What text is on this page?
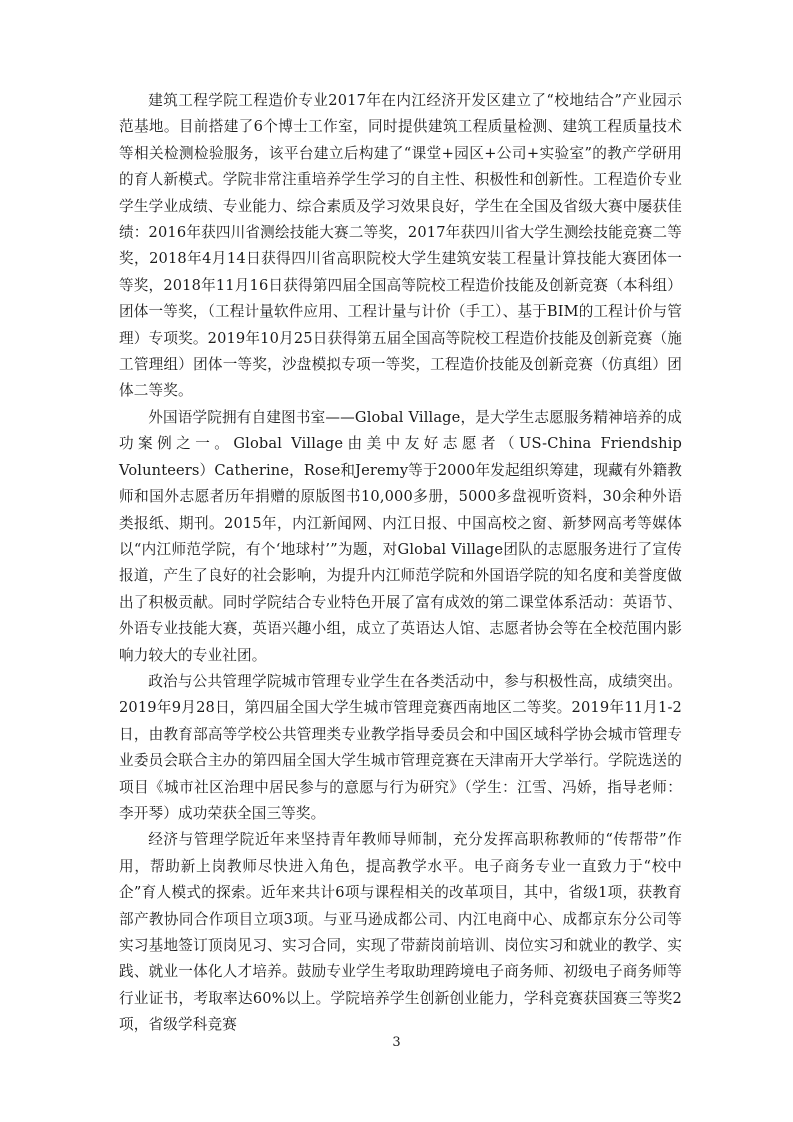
建筑工程学院工程造价专业2017年在内江经济开发区建立了“校地结合”产业园示范基地。目前搭建了6个博士工作室，同时提供建筑工程质量检测、建筑工程质量技术等相关检测检验服务，该平台建立后构建了“课堂+园区+公司+实验室”的教产学研用的育人新模式。学院非常注重培养学生学习的自主性、积极性和创新性。工程造价专业学生学业成绩、专业能力、综合素质及学习效果良好，学生在全国及省级大赛中屡获佳绩：2016年获四川省测绘技能大赛二等奖，2017年获四川省大学生测绘技能竞赛二等奖，2018年4月14日获得四川省高职院校大学生建筑安装工程量计算技能大赛团体一等奖，2018年11月16日获得第四届全国高等院校工程造价技能及创新竞赛（本科组）团体一等奖，（工程计量软件应用、工程计量与计价（手工）、基于BIM的工程计价与管理）专项奖。2019年10月25日获得第五届全国高等院校工程造价技能及创新竞赛（施工管理组）团体一等奖，沙盘模拟专项一等奖，工程造价技能及创新竞赛（仿真组）团体二等奖。

外国语学院拥有自建图书室——Global Village，是大学生志愿服务精神培养的成功案例之一。Global Village由美中友好志愿者（US-China Friendship Volunteers）Catherine，Rose和Jeremy等于2000年发起组织筹建，现藏有外籍教师和国外志愿者历年捐赠的原版图书10,000多册，5000多盘视听资料，30余种外语类报纸、期刊。2015年，内江新闻网、内江日报、中国高校之窗、新梦网高考等媒体以“内江师范学院，有个‘地球村’”为题，对Global Village团队的志愿服务进行了宣传报道，产生了良好的社会影响，为提升内江师范学院和外国语学院的知名度和美誉度做出了积极贡献。同时学院结合专业特色开展了富有成效的第二课堂体系活动：英语节、外语专业技能大赛，英语兴趣小组，成立了英语达人馆、志愿者协会等在全校范围内影响力较大的专业社团。

政治与公共管理学院城市管理专业学生在各类活动中，参与积极性高，成绩突出。2019年9月28日，第四届全国大学生城市管理竞赛西南地区二等奖。2019年11月1-2日，由教育部高等学校公共管理类专业教学指导委员会和中国区域科学协会城市管理专业委员会联合主办的第四届全国大学生城市管理竞赛在天津南开大学举行。学院选送的项目《城市社区治理中居民参与的意愿与行为研究》（学生：江雪、冯娇，指导老师：李开琴）成功荣获全国三等奖。

经济与管理学院近年来坚持青年教师导师制，充分发挥高职称教师的“传帮带”作用，帮助新上岗教师尽快进入角色，提高教学水平。电子商务专业一直致力于“校中企”育人模式的探索。近年来共计6项与课程相关的改革项目，其中，省级1项，获教育部产教协同合作项目立项3项。与亚马逊成都公司、内江电商中心、成都京东分公司等实习基地签订顶岗见习、实习合同，实现了带薪岗前培训、岗位实习和就业的教学、实践、就业一体化人才培养。鼓励专业学生考取助理跨境电子商务师、初级电子商务师等行业证书，考取率达60%以上。学院培养学生创新创业能力，学科竞赛获国赛三等奖2项，省级学科竞赛

3
